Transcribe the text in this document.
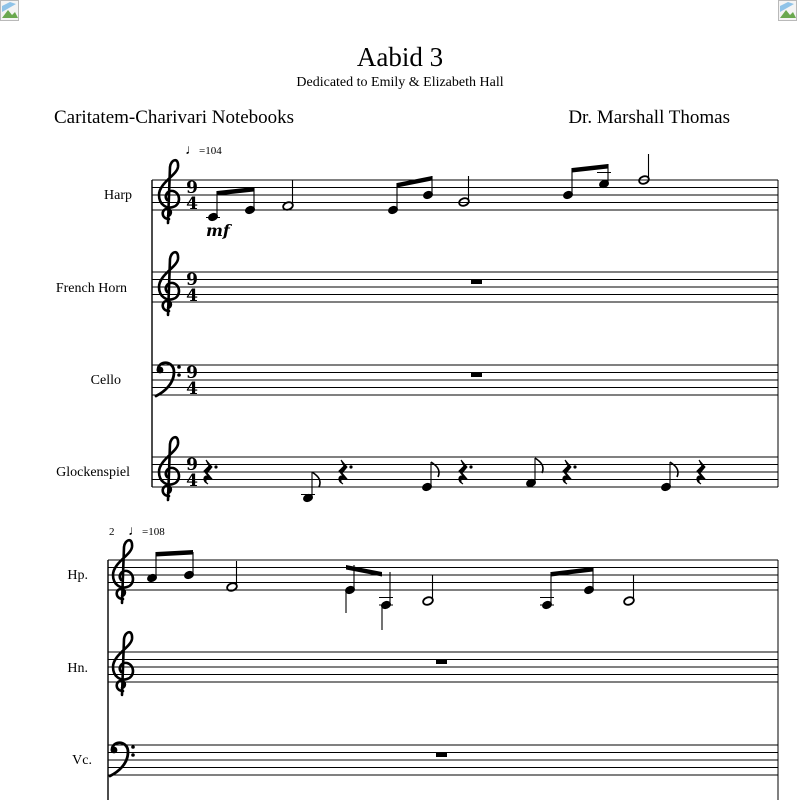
Aabid 3
Dedicated to Emily & Elizabeth Hall
Caritatem-Charivari Notebooks	Dr. Marshall Thomas
♩=104
Harp
French Horn
Cello
Glockenspiel
2 ♩=108
Hp.
Hn.
Vc.
9
4
9
4
9
4
9
4
mf
